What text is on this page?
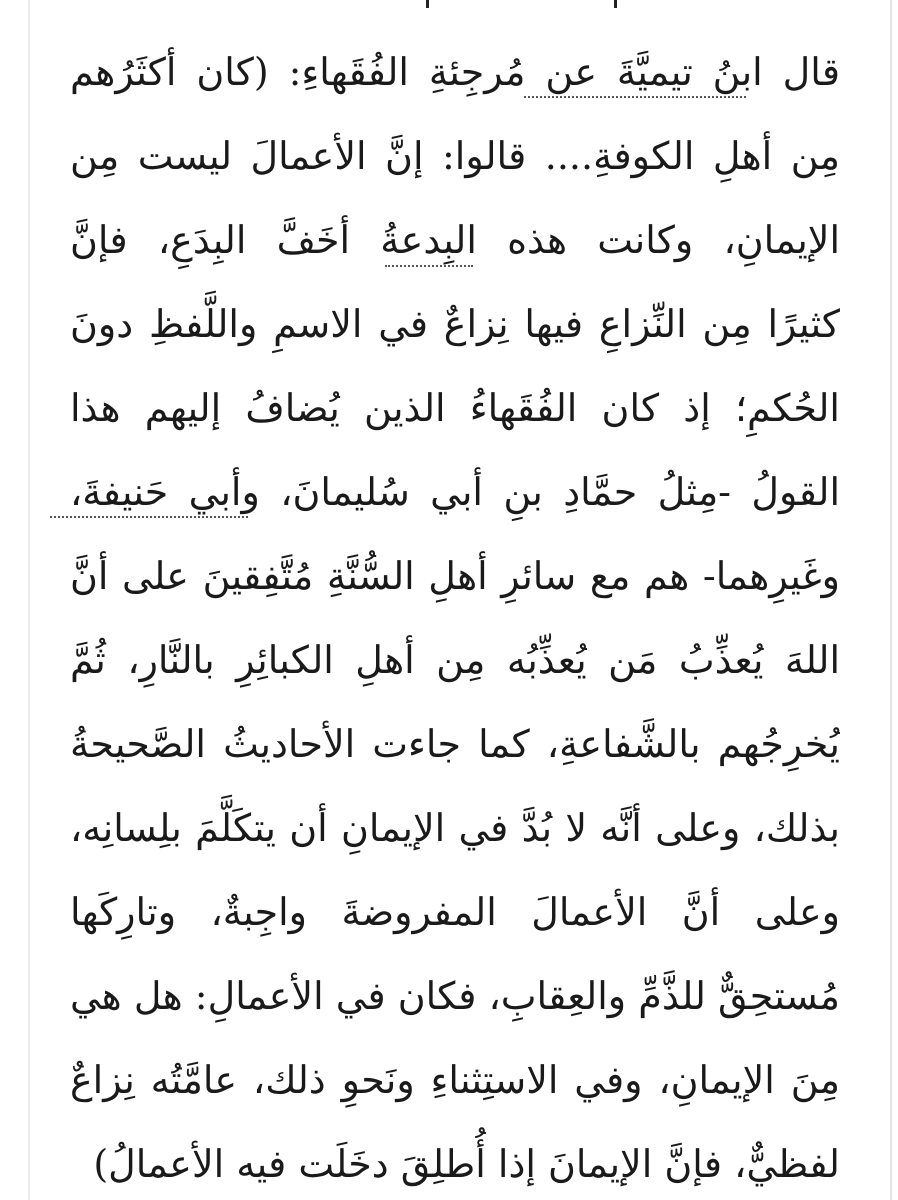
قال ابنُ تيميَّةَ عن مُرجِئةِ الفُقَهاءِ: (كان أكثَرُهم
مِن أهلِ الكوفةِ.... قالوا: إنَّ الأعمالَ ليست مِن
الإيمانِ، وكانت هذه البِدعةُ أخَفَّ البِدَعِ، فإنَّ
كثيرًا مِن النِّزاعِ فيها نِزاعٌ في الاسمِ واللَّفظِ دونَ
الحُكمِ؛ إذ كان الفُقَهاءُ الذين يُضافُ إليهم هذا
القولُ -مِثلُ حمَّادِ بنِ أبي سُليمانَ، وأبي حَنيفةَ،
وغَيرِهما- هم مع سائرِ أهلِ السُّنَّةِ مُتَّفِقينَ على أنَّ
اللهَ يُعذِّبُ مَن يُعذِّبُه مِن أهلِ الكبائِرِ بالنَّارِ، ثُمَّ
يُخرِجُهم بالشَّفاعةِ، كما جاءت الأحاديثُ الصَّحيحةُ
بذلك، وعلى أنَّه لا بُدَّ في الإيمانِ أن يتكَلَّمَ بلِسانِه،
وعلى أنَّ الأعمالَ المفروضةَ واجِبةٌ، وتارِكَها
مُستحِقٌّ للذَّمِّ والعِقابِ، فكان في الأعمالِ: هل هي
مِنَ الإيمانِ، وفي الاستِثناءِ ونَحوِ ذلك، عامَّتُه نِزاعٌ
لفظيٌّ، فإنَّ الإيمانَ إذا أُطلِقَ دخَلَت فيه الأعمالُ)
